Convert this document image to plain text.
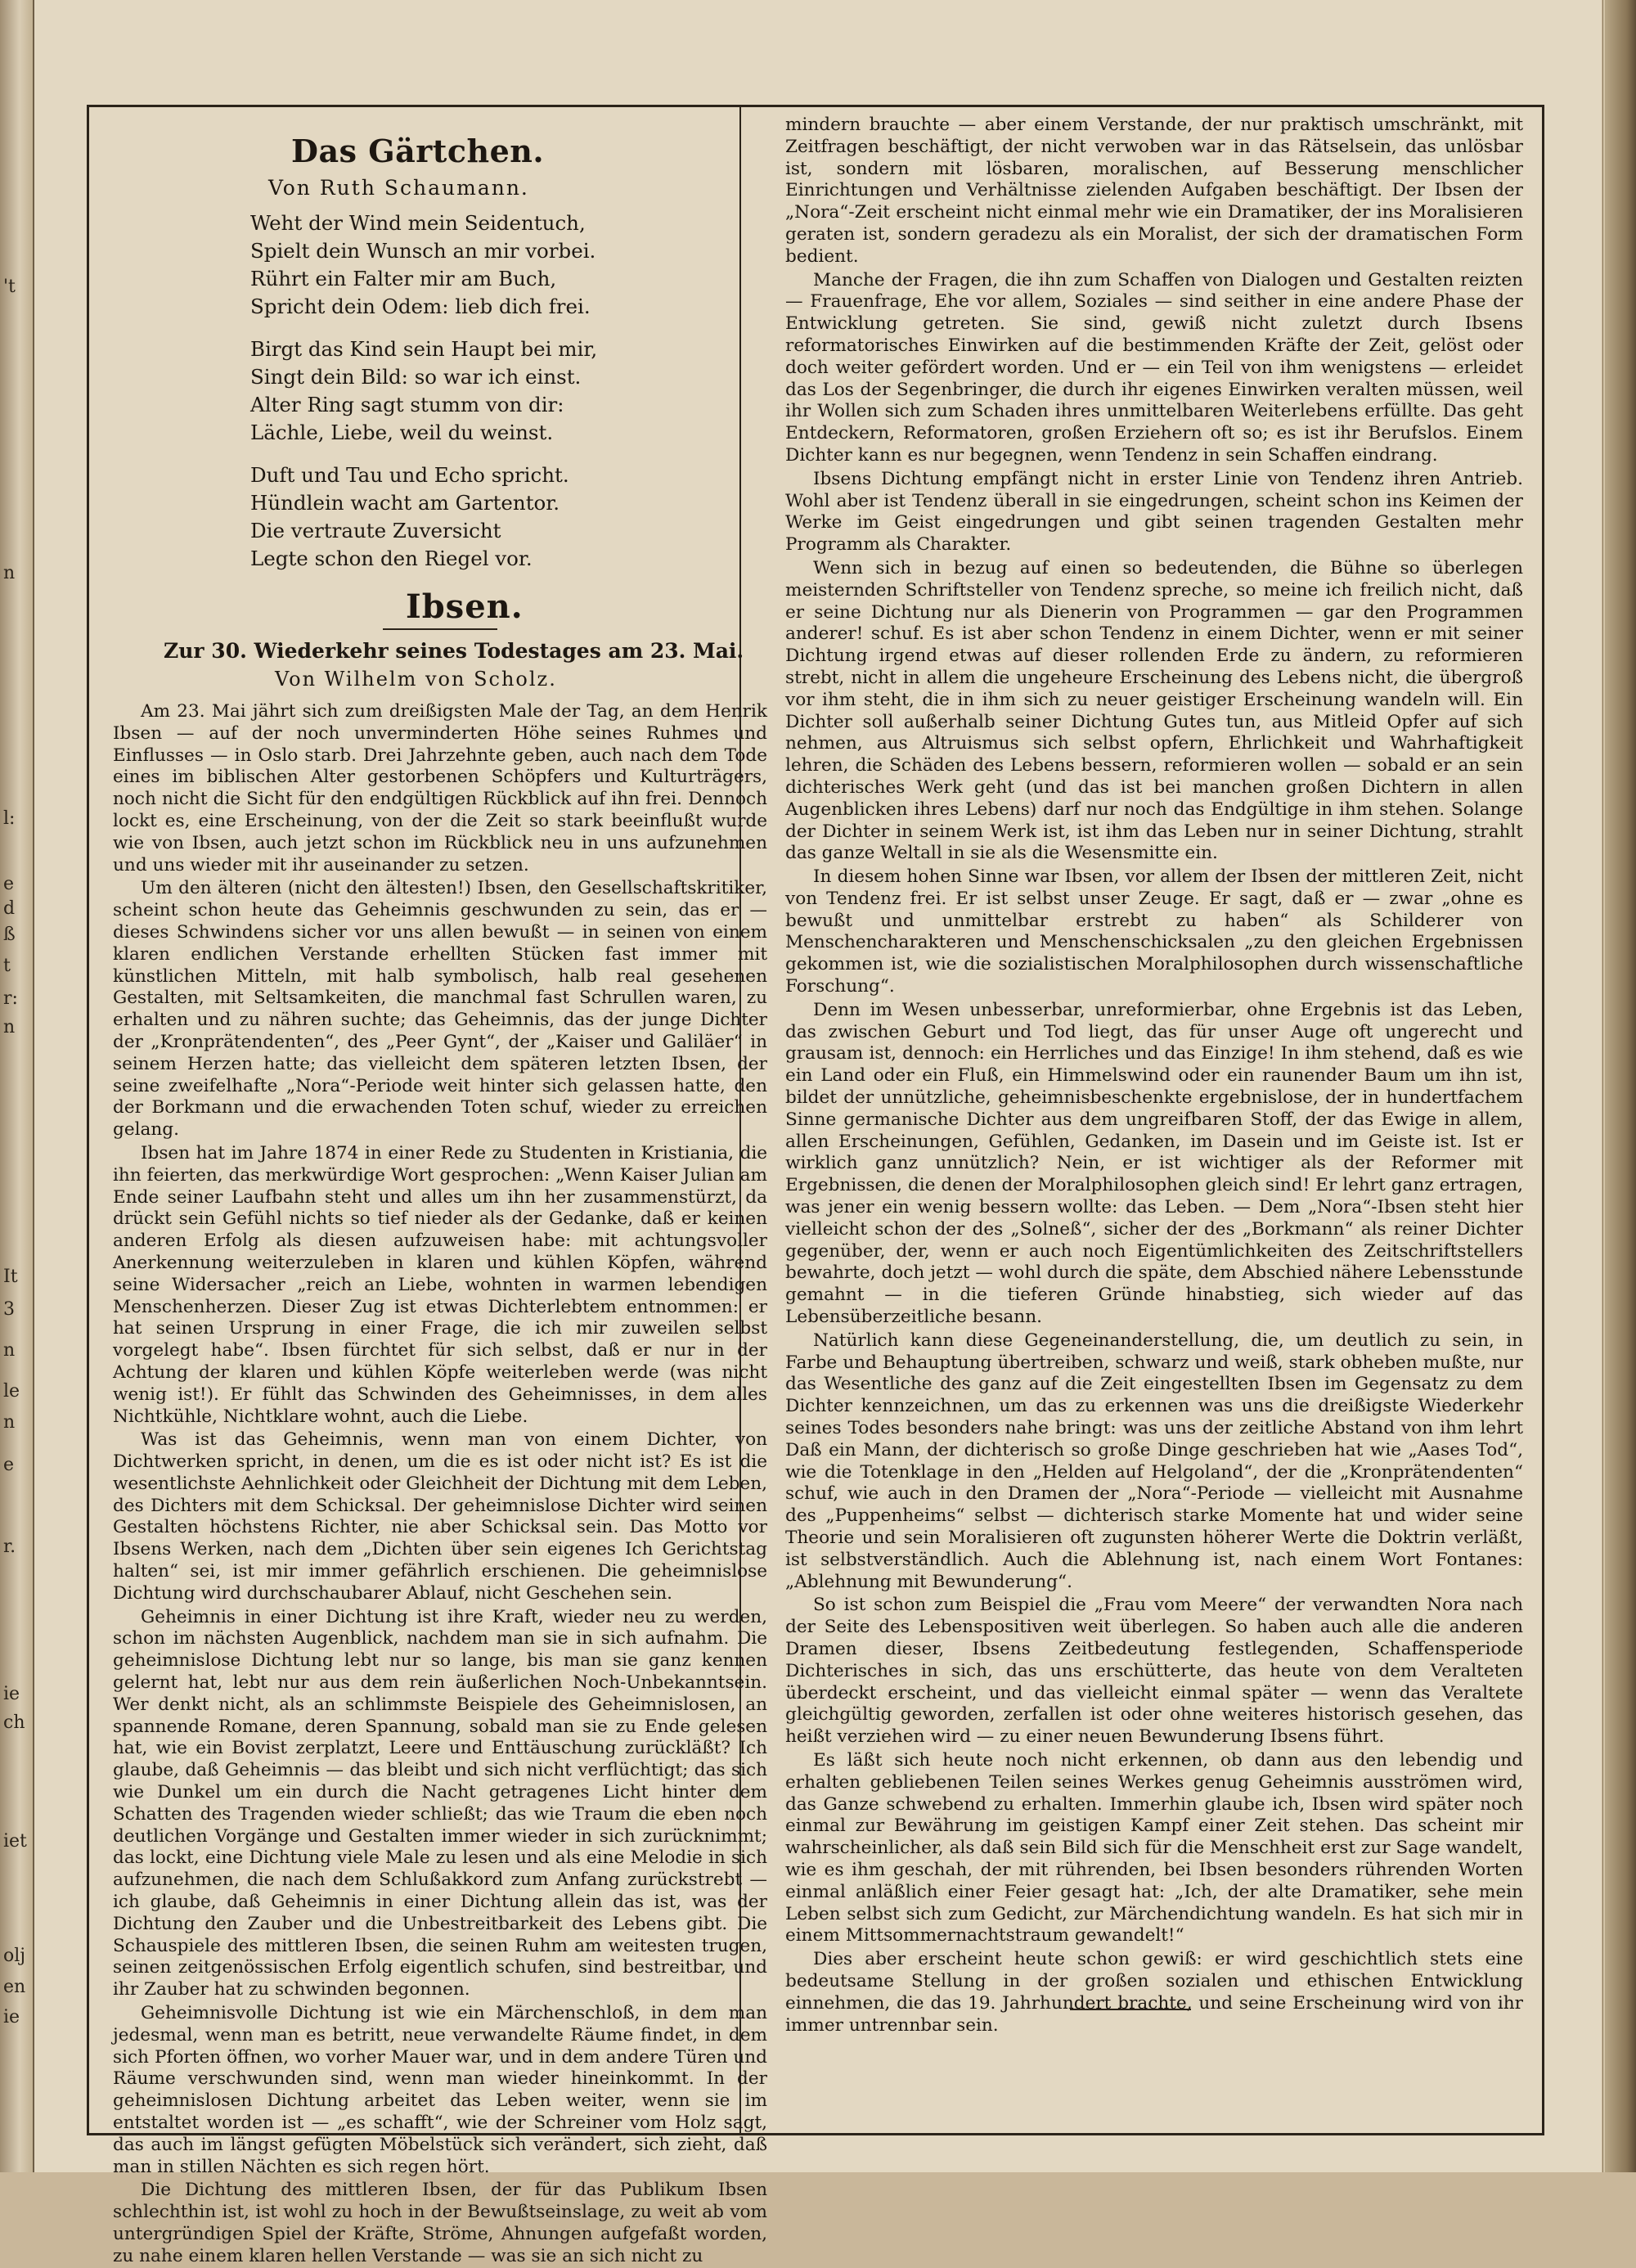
't
n
l:
e
d
ß
t
r:
n
It
3
n
le
n
e
r.
ie
ch
iet
olj
en
ie
Das Gärtchen.
Von Ruth Schaumann.
Weht der Wind mein Seidentuch,
Spielt dein Wunsch an mir vorbei.
Rührt ein Falter mir am Buch,
Spricht dein Odem: lieb dich frei.
Birgt das Kind sein Haupt bei mir,
Singt dein Bild: so war ich einst.
Alter Ring sagt stumm von dir:
Lächle, Liebe, weil du weinst.
Duft und Tau und Echo spricht.
Hündlein wacht am Gartentor.
Die vertraute Zuversicht
Legte schon den Riegel vor.
Ibsen.
Zur 30. Wiederkehr seines Todestages am 23. Mai.
Von Wilhelm von Scholz.

Am 23. Mai jährt sich zum dreißigsten Male der Tag, an dem Henrik Ibsen — auf der noch unverminderten Höhe seines Ruhmes und Einflusses — in Oslo starb. Drei Jahrzehnte geben, auch nach dem Tode eines im biblischen Alter gestorbenen Schöpfers und Kulturträgers, noch nicht die Sicht für den endgültigen Rückblick auf ihn frei. Dennoch lockt es, eine Erscheinung, von der die Zeit so stark beeinflußt wurde wie von Ibsen, auch jetzt schon im Rückblick neu in uns aufzunehmen und uns wieder mit ihr auseinander zu setzen.

Um den älteren (nicht den ältesten!) Ibsen, den Gesellschaftskritiker, scheint schon heute das Geheimnis geschwunden zu sein, das er — dieses Schwindens sicher vor uns allen bewußt — in seinen von einem klaren endlichen Verstande erhellten Stücken fast immer mit künstlichen Mitteln, mit halb symbolisch, halb real gesehenen Gestalten, mit Seltsamkeiten, die manchmal fast Schrullen waren, zu erhalten und zu nähren suchte; das Geheimnis, das der junge Dichter der „Kronprätendenten“, des „Peer Gynt“, der „Kaiser und Galiläer“ in seinem Herzen hatte; das vielleicht dem späteren letzten Ibsen, der seine zweifelhafte „Nora“-Periode weit hinter sich gelassen hatte, den der Borkmann und die erwachenden Toten schuf, wieder zu erreichen gelang.

Ibsen hat im Jahre 1874 in einer Rede zu Studenten in Kristiania, die ihn feierten, das merkwürdige Wort gesprochen: „Wenn Kaiser Julian am Ende seiner Laufbahn steht und alles um ihn her zusammenstürzt, da drückt sein Gefühl nichts so tief nieder als der Gedanke, daß er keinen anderen Erfolg als diesen aufzuweisen habe: mit achtungsvoller Anerkennung weiterzuleben in klaren und kühlen Köpfen, während seine Widersacher „reich an Liebe, wohnten in warmen lebendigen Menschenherzen. Dieser Zug ist etwas Dichterlebtem entnommen: er hat seinen Ursprung in einer Frage, die ich mir zuweilen selbst vorgelegt habe“. Ibsen fürchtet für sich selbst, daß er nur in der Achtung der klaren und kühlen Köpfe weiterleben werde (was nicht wenig ist!). Er fühlt das Schwinden des Geheimnisses, in dem alles Nichtkühle, Nichtklare wohnt, auch die Liebe.

Was ist das Geheimnis, wenn man von einem Dichter, von Dichtwerken spricht, in denen, um die es ist oder nicht ist? Es ist die wesentlichste Aehnlichkeit oder Gleichheit der Dichtung mit dem Leben, des Dichters mit dem Schicksal. Der geheimnislose Dichter wird seinen Gestalten höchstens Richter, nie aber Schicksal sein. Das Motto vor Ibsens Werken, nach dem „Dichten über sein eigenes Ich Gerichtstag halten“ sei, ist mir immer gefährlich erschienen. Die geheimnislose Dichtung wird durchschaubarer Ablauf, nicht Geschehen sein.

Geheimnis in einer Dichtung ist ihre Kraft, wieder neu zu werden, schon im nächsten Augenblick, nachdem man sie in sich aufnahm. Die geheimnislose Dichtung lebt nur so lange, bis man sie ganz kennen gelernt hat, lebt nur aus dem rein äußerlichen Noch-Unbekanntsein. Wer denkt nicht, als an schlimmste Beispiele des Geheimnislosen, an spannende Romane, deren Spannung, sobald man sie zu Ende gelesen hat, wie ein Bovist zerplatzt, Leere und Enttäuschung zurückläßt? Ich glaube, daß Geheimnis — das bleibt und sich nicht verflüchtigt; das sich wie Dunkel um ein durch die Nacht getragenes Licht hinter dem Schatten des Tragenden wieder schließt; das wie Traum die eben noch deutlichen Vorgänge und Gestalten immer wieder in sich zurücknimmt; das lockt, eine Dichtung viele Male zu lesen und als eine Melodie in sich aufzunehmen, die nach dem Schlußakkord zum Anfang zurückstrebt — ich glaube, daß Geheimnis in einer Dichtung allein das ist, was der Dichtung den Zauber und die Unbestreitbarkeit des Lebens gibt. Die Schauspiele des mittleren Ibsen, die seinen Ruhm am weitesten trugen, seinen zeitgenössischen Erfolg eigentlich schufen, sind bestreitbar, und ihr Zauber hat zu schwinden begonnen.

Geheimnisvolle Dichtung ist wie ein Märchenschloß, in dem man jedesmal, wenn man es betritt, neue verwandelte Räume findet, in dem sich Pforten öffnen, wo vorher Mauer war, und in dem andere Türen und Räume verschwunden sind, wenn man wieder hineinkommt. In der geheimnislosen Dichtung arbeitet das Leben weiter, wenn sie im entstaltet worden ist — „es schafft“, wie der Schreiner vom Holz sagt, das auch im längst gefügten Möbelstück sich verändert, sich zieht, daß man in stillen Nächten es sich regen hört.

Die Dichtung des mittleren Ibsen, der für das Publikum Ibsen schlechthin ist, ist wohl zu hoch in der Bewußtseinslage, zu weit ab vom untergründigen Spiel der Kräfte, Ströme, Ahnungen aufgefaßt worden, zu nahe einem klaren hellen Verstande — was sie an sich nicht zu

mindern brauchte — aber einem Verstande, der nur praktisch umschränkt, mit Zeitfragen beschäftigt, der nicht verwoben war in das Rätselsein, das unlösbar ist, sondern mit lösbaren, moralischen, auf Besserung menschlicher Einrichtungen und Verhältnisse zielenden Aufgaben beschäftigt. Der Ibsen der „Nora“-Zeit erscheint nicht einmal mehr wie ein Dramatiker, der ins Moralisieren geraten ist, sondern geradezu als ein Moralist, der sich der dramatischen Form bedient.

Manche der Fragen, die ihn zum Schaffen von Dialogen und Gestalten reizten — Frauenfrage, Ehe vor allem, Soziales — sind seither in eine andere Phase der Entwicklung getreten. Sie sind, gewiß nicht zuletzt durch Ibsens reformatorisches Einwirken auf die bestimmenden Kräfte der Zeit, gelöst oder doch weiter gefördert worden. Und er — ein Teil von ihm wenigstens — erleidet das Los der Segenbringer, die durch ihr eigenes Einwirken veralten müssen, weil ihr Wollen sich zum Schaden ihres unmittelbaren Weiterlebens erfüllte. Das geht Entdeckern, Reformatoren, großen Erziehern oft so; es ist ihr Berufslos. Einem Dichter kann es nur begegnen, wenn Tendenz in sein Schaffen eindrang.

Ibsens Dichtung empfängt nicht in erster Linie von Tendenz ihren Antrieb. Wohl aber ist Tendenz überall in sie eingedrungen, scheint schon ins Keimen der Werke im Geist eingedrungen und gibt seinen tragenden Gestalten mehr Programm als Charakter.

Wenn sich in bezug auf einen so bedeutenden, die Bühne so überlegen meisternden Schriftsteller von Tendenz spreche, so meine ich freilich nicht, daß er seine Dichtung nur als Dienerin von Programmen — gar den Programmen anderer! schuf. Es ist aber schon Tendenz in einem Dichter, wenn er mit seiner Dichtung irgend etwas auf dieser rollenden Erde zu ändern, zu reformieren strebt, nicht in allem die ungeheure Erscheinung des Lebens nicht, die übergroß vor ihm steht, die in ihm sich zu neuer geistiger Erscheinung wandeln will. Ein Dichter soll außerhalb seiner Dichtung Gutes tun, aus Mitleid Opfer auf sich nehmen, aus Altruismus sich selbst opfern, Ehrlichkeit und Wahrhaftigkeit lehren, die Schäden des Lebens bessern, reformieren wollen — sobald er an sein dichterisches Werk geht (und das ist bei manchen großen Dichtern in allen Augenblicken ihres Lebens) darf nur noch das Endgültige in ihm stehen. Solange der Dichter in seinem Werk ist, ist ihm das Leben nur in seiner Dichtung, strahlt das ganze Weltall in sie als die Wesensmitte ein.

In diesem hohen Sinne war Ibsen, vor allem der Ibsen der mittleren Zeit, nicht von Tendenz frei. Er ist selbst unser Zeuge. Er sagt, daß er — zwar „ohne es bewußt und unmittelbar erstrebt zu haben“ als Schilderer von Menschencharakteren und Menschenschicksalen „zu den gleichen Ergebnissen gekommen ist, wie die sozialistischen Moralphilosophen durch wissenschaftliche Forschung“.

Denn im Wesen unbesserbar, unreformierbar, ohne Ergebnis ist das Leben, das zwischen Geburt und Tod liegt, das für unser Auge oft ungerecht und grausam ist, dennoch: ein Herrliches und das Einzige! In ihm stehend, daß es wie ein Land oder ein Fluß, ein Himmelswind oder ein raunender Baum um ihn ist, bildet der unnützliche, geheimnisbeschenkte ergebnislose, der in hundertfachem Sinne germanische Dichter aus dem ungreifbaren Stoff, der das Ewige in allem, allen Erscheinungen, Gefühlen, Gedanken, im Dasein und im Geiste ist. Ist er wirklich ganz unnützlich? Nein, er ist wichtiger als der Reformer mit Ergebnissen, die denen der Moralphilosophen gleich sind! Er lehrt ganz ertragen, was jener ein wenig bessern wollte: das Leben. — Dem „Nora“-Ibsen steht hier vielleicht schon der des „Solneß“, sicher der des „Borkmann“ als reiner Dichter gegenüber, der, wenn er auch noch Eigentümlichkeiten des Zeitschriftstellers bewahrte, doch jetzt — wohl durch die späte, dem Abschied nähere Lebensstunde gemahnt — in die tieferen Gründe hinabstieg, sich wieder auf das Lebensüberzeitliche besann.

Natürlich kann diese Gegeneinanderstellung, die, um deutlich zu sein, in Farbe und Behauptung übertreiben, schwarz und weiß, stark obheben mußte, nur das Wesentliche des ganz auf die Zeit eingestellten Ibsen im Gegensatz zu dem Dichter kennzeichnen, um das zu erkennen was uns die dreißigste Wiederkehr seines Todes besonders nahe bringt: was uns der zeitliche Abstand von ihm lehrt Daß ein Mann, der dichterisch so große Dinge geschrieben hat wie „Aases Tod“, wie die Totenklage in den „Helden auf Helgoland“, der die „Kronprätendenten“ schuf, wie auch in den Dramen der „Nora“-Periode — vielleicht mit Ausnahme des „Puppenheims“ selbst — dichterisch starke Momente hat und wider seine Theorie und sein Moralisieren oft zugunsten höherer Werte die Doktrin verläßt, ist selbstverständlich. Auch die Ablehnung ist, nach einem Wort Fontanes: „Ablehnung mit Bewunderung“.

So ist schon zum Beispiel die „Frau vom Meere“ der verwandten Nora nach der Seite des Lebenspositiven weit überlegen. So haben auch alle die anderen Dramen dieser, Ibsens Zeitbedeutung festlegenden, Schaffensperiode Dichterisches in sich, das uns erschütterte, das heute von dem Veralteten überdeckt erscheint, und das vielleicht einmal später — wenn das Veraltete gleichgültig geworden, zerfallen ist oder ohne weiteres historisch gesehen, das heißt verziehen wird — zu einer neuen Bewunderung Ibsens führt.

Es läßt sich heute noch nicht erkennen, ob dann aus den lebendig und erhalten gebliebenen Teilen seines Werkes genug Geheimnis ausströmen wird, das Ganze schwebend zu erhalten. Immerhin glaube ich, Ibsen wird später noch einmal zur Bewährung im geistigen Kampf einer Zeit stehen. Das scheint mir wahrscheinlicher, als daß sein Bild sich für die Menschheit erst zur Sage wandelt, wie es ihm geschah, der mit rührenden, bei Ibsen besonders rührenden Worten einmal anläßlich einer Feier gesagt hat: „Ich, der alte Dramatiker, sehe mein Leben selbst sich zum Gedicht, zur Märchendichtung wandeln. Es hat sich mir in einem Mittsommernachtstraum gewandelt!“

Dies aber erscheint heute schon gewiß: er wird geschichtlich stets eine bedeutsame Stellung in der großen sozialen und ethischen Entwicklung einnehmen, die das 19. Jahrhundert brachte, und seine Erscheinung wird von ihr immer untrennbar sein.
